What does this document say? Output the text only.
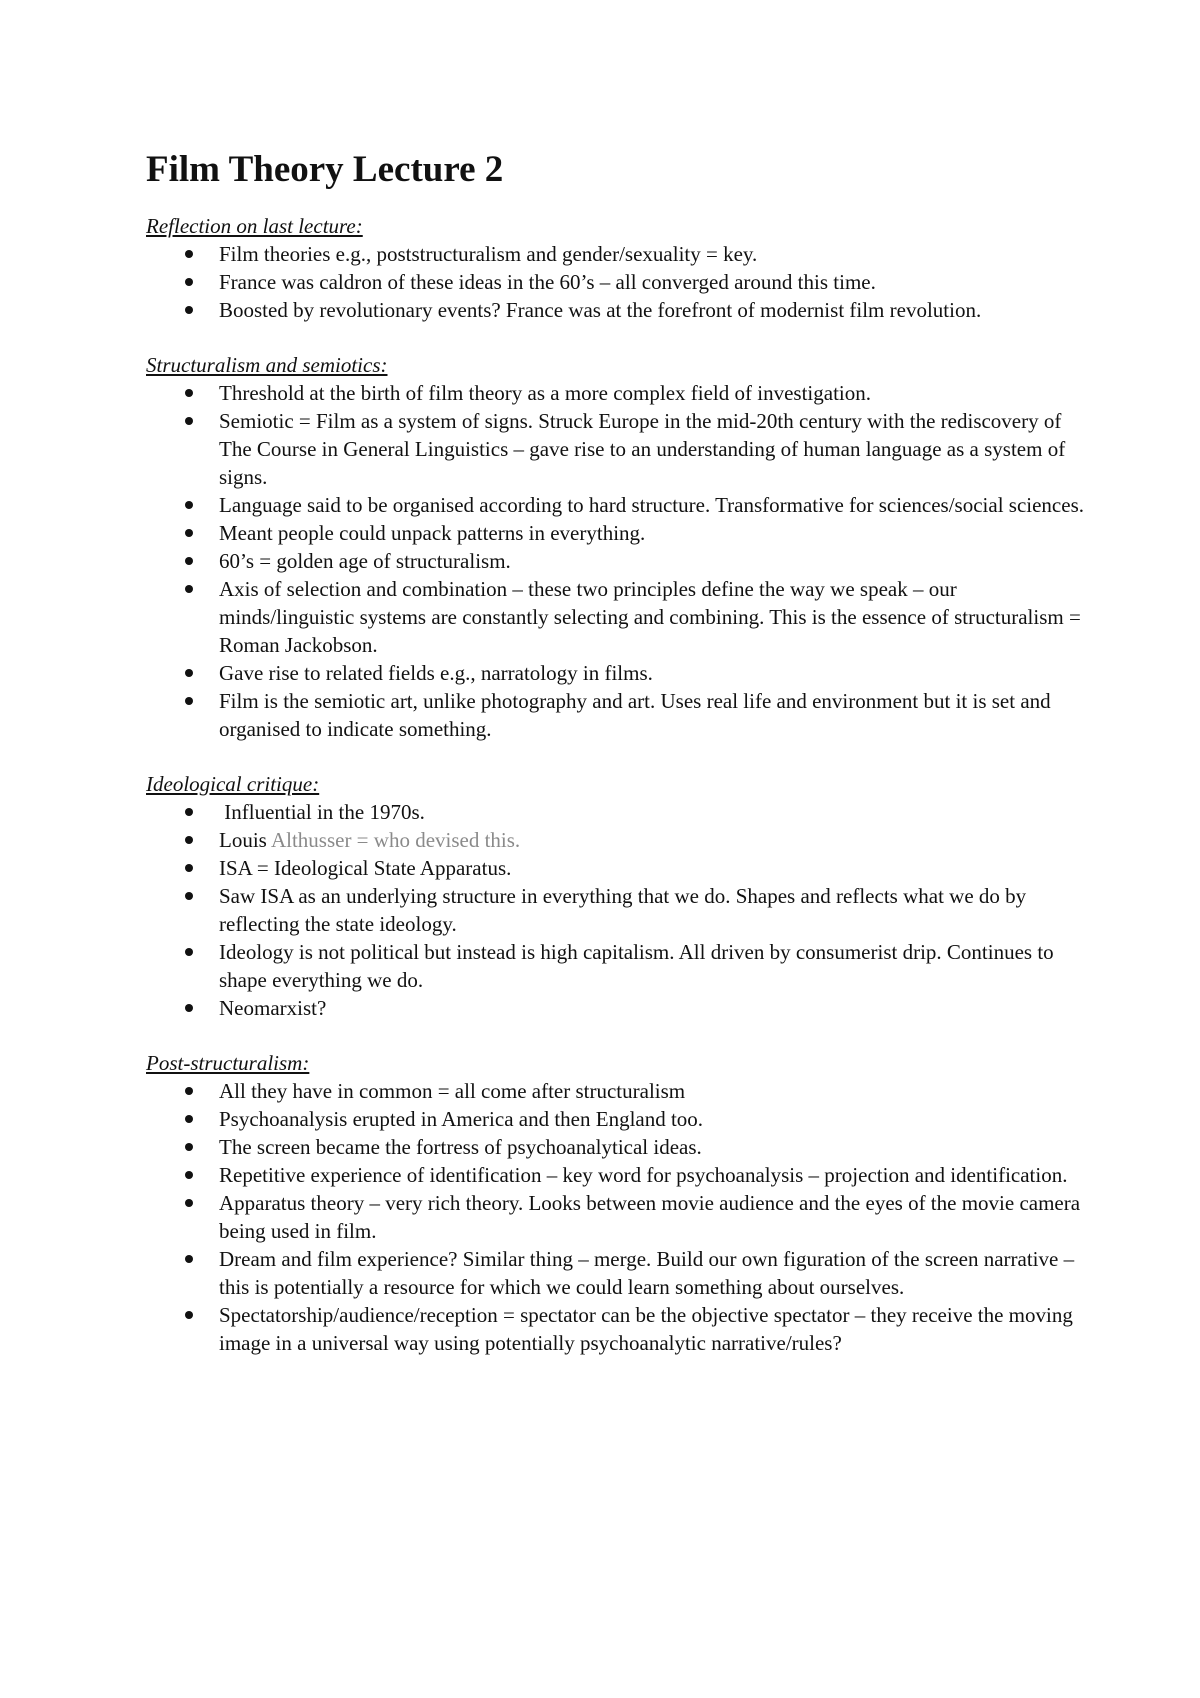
Film Theory Lecture 2
Reflection on last lecture:
Film theories e.g., poststructuralism and gender/sexuality = key.
France was caldron of these ideas in the 60’s – all converged around this time.
Boosted by revolutionary events? France was at the forefront of modernist film revolution.
Structuralism and semiotics:
Threshold at the birth of film theory as a more complex field of investigation.
Semiotic = Film as a system of signs. Struck Europe in the mid-20th century with the rediscovery of The Course in General Linguistics – gave rise to an understanding of human language as a system of signs.
Language said to be organised according to hard structure. Transformative for sciences/social sciences.
Meant people could unpack patterns in everything.
60’s = golden age of structuralism.
Axis of selection and combination – these two principles define the way we speak – our minds/linguistic systems are constantly selecting and combining. This is the essence of structuralism = Roman Jackobson.
Gave rise to related fields e.g., narratology in films.
Film is the semiotic art, unlike photography and art. Uses real life and environment but it is set and organised to indicate something.
Ideological critique:
Influential in the 1970s.
Louis Althusser = who devised this.
ISA = Ideological State Apparatus.
Saw ISA as an underlying structure in everything that we do. Shapes and reflects what we do by reflecting the state ideology.
Ideology is not political but instead is high capitalism. All driven by consumerist drip. Continues to shape everything we do.
Neomarxist?
Post-structuralism:
All they have in common = all come after structuralism
Psychoanalysis erupted in America and then England too.
The screen became the fortress of psychoanalytical ideas.
Repetitive experience of identification – key word for psychoanalysis – projection and identification.
Apparatus theory – very rich theory. Looks between movie audience and the eyes of the movie camera being used in film.
Dream and film experience? Similar thing – merge. Build our own figuration of the screen narrative – this is potentially a resource for which we could learn something about ourselves.
Spectatorship/audience/reception = spectator can be the objective spectator – they receive the moving image in a universal way using potentially psychoanalytic narrative/rules?
